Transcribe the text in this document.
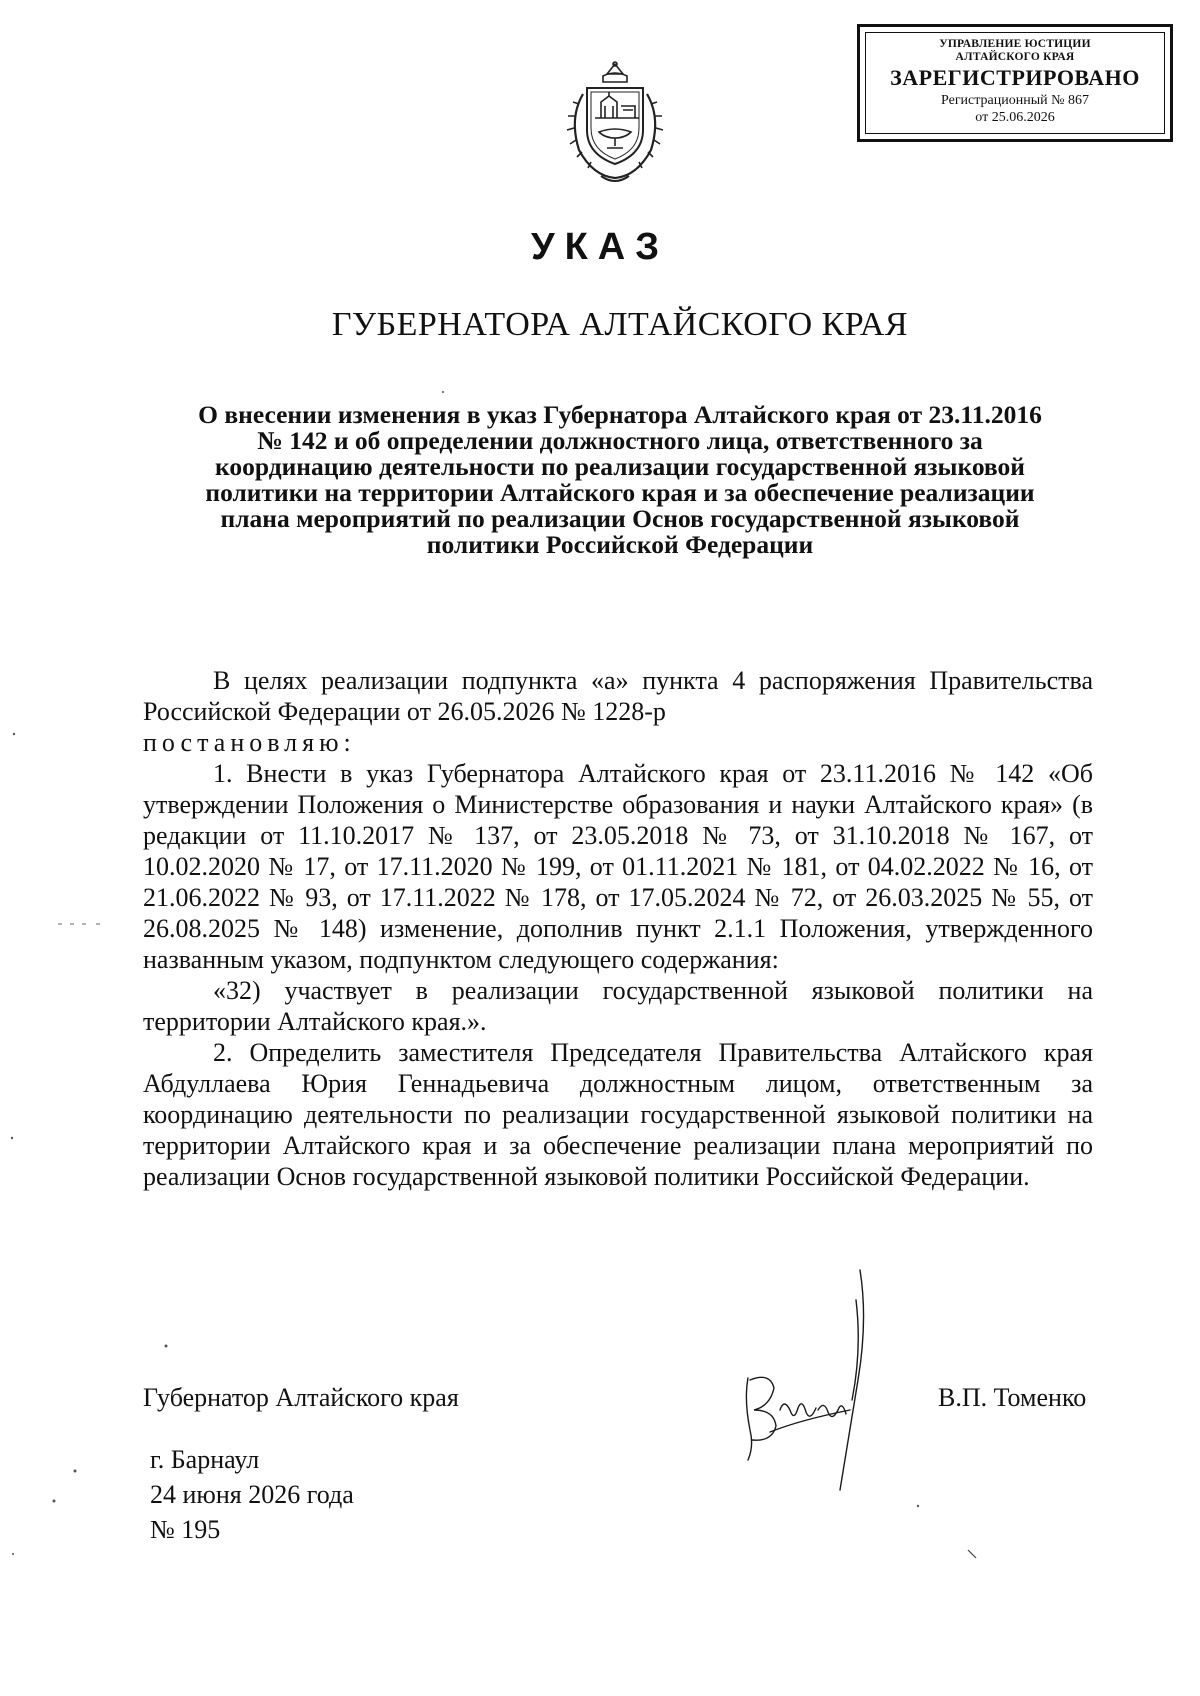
УПРАВЛЕНИЕ ЮСТИЦИИ
АЛТАЙСКОГО КРАЯ
ЗАРЕГИСТРИРОВАНО
Регистрационный № 867
от 25.06.2026
УКАЗ
ГУБЕРНАТОРА АЛТАЙСКОГО КРАЯ
О внесении изменения в указ Губернатора Алтайского края от 23.11.2016
№ 142 и об определении должностного лица, ответственного за
координацию деятельности по реализации государственной языковой
политики на территории Алтайского края и за обеспечение реализации
плана мероприятий по реализации Основ государственной языковой
политики Российской Федерации

В целях реализации подпункта «а» пункта 4 распоряжения Правительства Российской Федерации от 26.05.2026 № 1228-р

постановляю:

1. Внести в указ Губернатора Алтайского края от 23.11.2016 № 142 «Об утверждении Положения о Министерстве образования и науки Алтайского края» (в редакции от 11.10.2017 № 137, от 23.05.2018 № 73, от 31.10.2018 № 167, от 10.02.2020 № 17, от 17.11.2020 № 199, от 01.11.2021 № 181, от 04.02.2022 № 16, от 21.06.2022 № 93, от 17.11.2022 № 178, от 17.05.2024 № 72, от 26.03.2025 № 55, от 26.08.2025 № 148) изменение, дополнив пункт 2.1.1 Положения, утвержденного названным указом, подпунктом следующего содержания:

«32) участвует в реализации государственной языковой политики на территории Алтайского края.».

2. Определить заместителя Председателя Правительства Алтайского края Абдуллаева Юрия Геннадьевича должностным лицом, ответственным за координацию деятельности по реализации государственной языковой политики на территории Алтайского края и за обеспечение реализации плана мероприятий по реализации Основ государственной языковой политики Российской Федерации.

Губернатор Алтайского края	В.П. Томенко
г. Барнаул
24 июня 2026 года
№ 195
